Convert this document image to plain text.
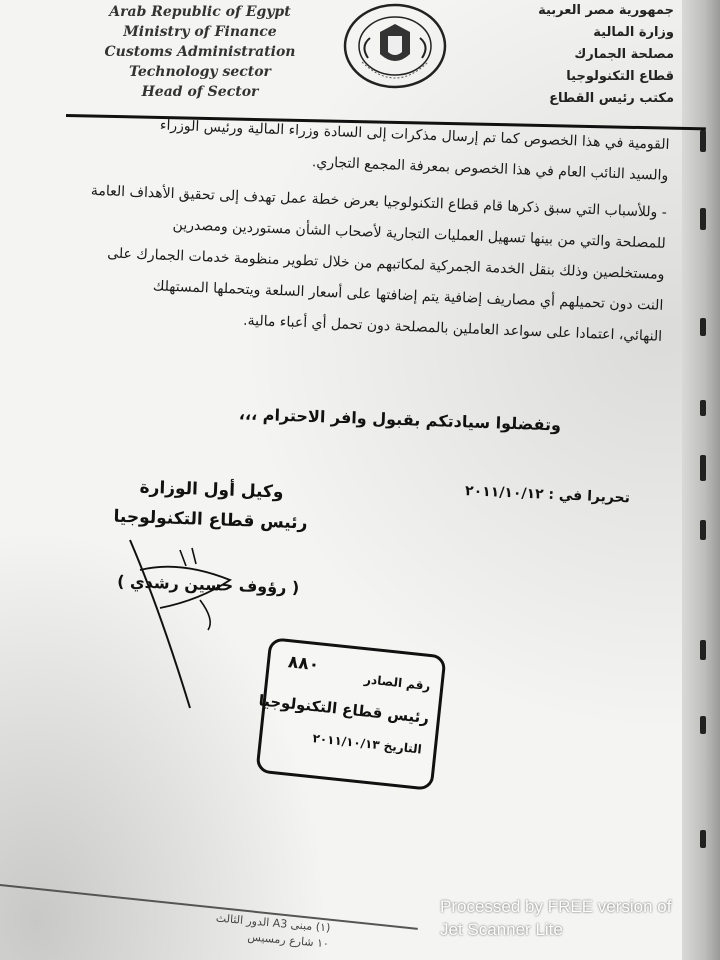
Arab Republic of Egypt
Ministry of Finance
Customs Administration
Technology sector
Head of Sector
جمهورية مصر العربية
وزارة المالية
مصلحة الجمارك
قطاع التكنولوجيا
مكتب رئيس القطاع

القومية في هذا الخصوص كما تم إرسال مذكرات إلى السادة وزراء المالية ورئيس الوزراء

والسيد النائب العام في هذا الخصوص بمعرفة المجمع التجاري.

- وللأسباب التي سبق ذكرها قام قطاع التكنولوجيا بعرض خطة عمل تهدف إلى تحقيق الأهداف العامة

للمصلحة والتي من بينها تسهيل العمليات التجارية لأصحاب الشأن مستوردين ومصدرين

ومستخلصين وذلك بنقل الخدمة الجمركية لمكاتبهم من خلال تطوير منظومة خدمات الجمارك على

النت دون تحميلهم أي مصاريف إضافية يتم إضافتها على أسعار السلعة ويتحملها المستهلك

النهائي، اعتمادا على سواعد العاملين بالمصلحة دون تحمل أي أعباء مالية.

وتفضلوا سيادتكم بقبول وافر الاحترام ،،،
تحريرا في : ٢٠١١/١٠/١٢
وكيل أول الوزارة
رئيس قطاع التكنولوجيا
( رؤوف حسين رشدي )
٨٨٠
رقم الصادر
رئيس قطاع التكنولوجيا
التاريخ ٢٠١١/١٠/١٣
(١) مبنى A3 الدور الثالث
١٠ شارع رمسيس
Processed by FREE version of
Jet Scanner Lite
